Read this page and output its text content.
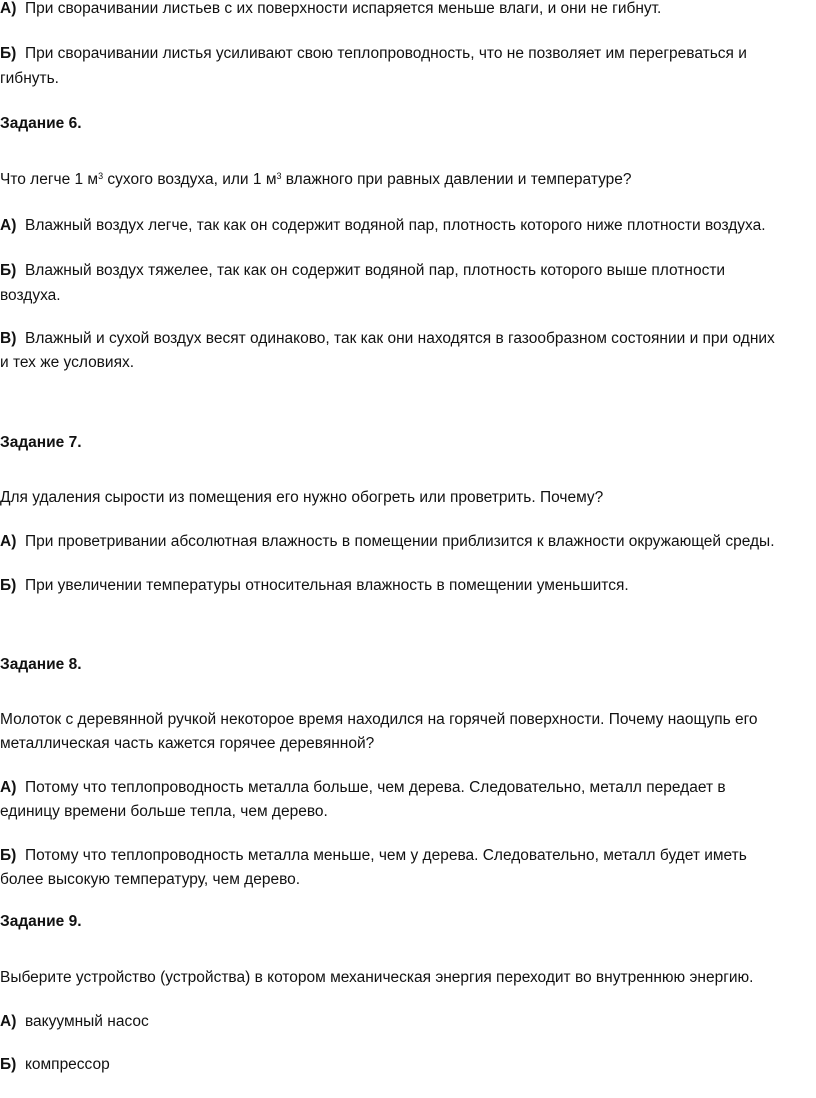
А) При сворачивании листьев с их поверхности испаряется меньше влаги, и они не гибнут.
Б) При сворачивании листья усиливают свою теплопроводность, что не позволяет им перегреваться и
гибнуть.
Задание 6.
Что легче 1 $м^3$ сухого воздуха, или 1 $м^3$ влажного при равных давлении и температуре?
А) Влажный воздух легче, так как он содержит водяной пар, плотность которого ниже плотности воздуха.
Б) Влажный воздух тяжелее, так как он содержит водяной пар, плотность которого выше плотности
воздуха.
В) Влажный и сухой воздух весят одинаково, так как они находятся в газообразном состоянии и при одних
и тех же условиях.
Задание 7.
Для удаления сырости из помещения его нужно обогреть или проветрить. Почему?
А) При проветривании абсолютная влажность в помещении приблизится к влажности окружающей среды.
Б) При увеличении температуры относительная влажность в помещении уменьшится.
Задание 8.
Молоток с деревянной ручкой некоторое время находился на горячей поверхности. Почему наощупь его
металлическая часть кажется горячее деревянной?
А) Потому что теплопроводность металла больше, чем дерева. Следовательно, металл передает в
единицу времени больше тепла, чем дерево.
Б) Потому что теплопроводность металла меньше, чем у дерева. Следовательно, металл будет иметь
более высокую температуру, чем дерево.
Задание 9.
Выберите устройство (устройства) в котором механическая энергия переходит во внутреннюю энергию.
А) вакуумный насос
Б) компрессор
